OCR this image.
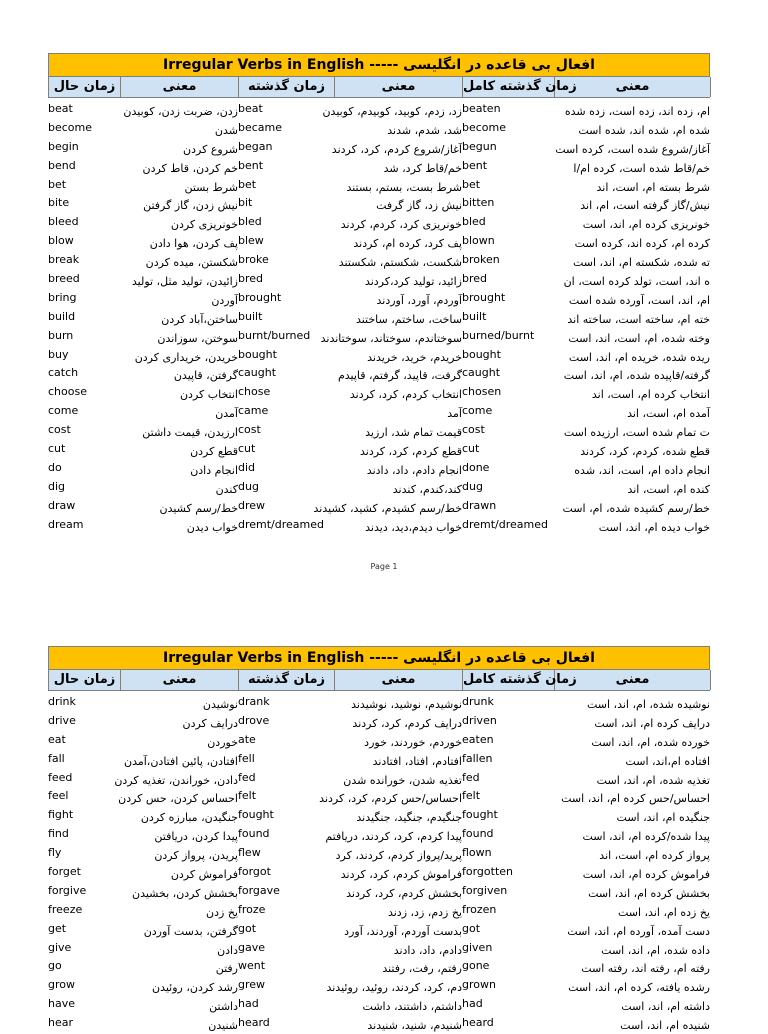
Irregular Verbs in English ----- افعال بی قاعده در انگلیسی
زمان حال	معنی	زمان گذشته	معنی	زمان گذشته کامل	معنی
beat	زدن، ضربت زدن، کوبیدن beat	زد، زدم، کوبید، کوبیدم، کوبیدن beaten	ام، زده اند، زده است، زده شده
become	شدن became	شد، شدم، شدند become	شده ام، شده اند، شده است
begin	شروع کردن began	آغاز/شروع کردم، کرد، کردند begun	آغاز/شروع شده است، کرده است
bend	خم کردن، قاط کردن bent	خم/قاط کرد، شد bent	خم/قاط شده است، کرده ام/ا
bet	شرط بستن bet	شرط بست، بستم، بستند bet	شرط بسته ام، است، اند
bite	نیش زدن، گاز گرفتن bit	نیش زد، گاز گرفت bitten	نیش/گاز گرفته است، ام، اند
bleed	خونریزی کردن bled	خونریزی کرد، کردم، کردند bled	خونریزی کرده ام، اند، است
blow	پف کردن، هوا دادن blew	پف کرد، کرده ام، کردند blown	کرده ام، کرده اند، کرده است
break	شکستن، میده کردن broke	شکست، شکستم، شکستند broken	ته شده، شکسته ام، اند، است
breed	زائیدن، تولید مثل، تولید bred	زائید، تولید کرد،کردند bred	ه اند، است، تولد کرده است، ان
bring	آوردن brought	آوردم، آورد، آوردند brought	ام، اند، است، آورده شده است
build	ساختن،آباد کردن built	ساخت، ساختم، ساختند built	خته ام، ساخته است، ساخته اند
burn	سوختن، سوزاندن burnt/burned سوختاندم، سوختاند، سوختاندند burned/burnt	وخته شده، ام، است، اند، است
buy	خریدن، خریداری کردن bought	خریدم، خرید، خریدند bought	ریده شده، خریده ام، اند، است
catch	گرفتن، قاپیدن caught	گرفت، قاپید، گرفتم، قاپیدم caught	گرفته/قاپیده شده، ام، اند، است
choose	انتخاب کردن chose	انتخاب کردم، کرد، کردند chosen	انتخاب کرده ام، است، اند
come	آمدن came	آمد come	آمده ام، است، اند
cost	ارزیدن، قیمت داشتن cost	قیمت تمام شد، ارزید cost	ت تمام شده است، ارزیده است
cut	قطع کردن cut	قطع کردم، کرد، کردند cut	قطع شده، کردم، کرد، کردند
do	انجام دادن did	انجام دادم، داد، دادند done	انجام داده ام، است، اند، شده
dig	کندن dug	کند،کندم، کندند dug	کنده ام، است، اند
draw	خط/رسم کشیدن drew	خط/رسم کشیدم، کشید، کشیدند drawn	خط/رسم کشیده شده، ام، است
dream	خواب دیدن dremt/dreamed	خواب دیدم،دید، دیدند dremt/dreamed	خواب دیده ام، اند، است
Page 1
Irregular Verbs in English ----- افعال بی قاعده در انگلیسی
زمان حال	معنی	زمان گذشته	معنی	زمان گذشته کامل	معنی
drink	نوشیدن drank	نوشیدم، نوشید، نوشیدند drunk	نوشیده شده، ام، اند، است
drive	درایف کردن drove	درایف کردم، کرد، کردند driven	درایف کرده ام، اند، است
eat	خوردن ate	خوردم، خوردند، خورد eaten	خورده شده، ام، اند، است
fall	افتادن، پائین افتادن،آمدن fell	افتادم، افتاد، افتادند fallen	افتاده ام،اند، است
feed	دادن، خوراندن، تغذیه کردن fed	تغذیه شدن، خورانده شدن fed	تغذیه شده، ام، اند، است
feel	احساس کردن، حس کردن felt	احساس/حس کردم، کرد، کردند felt	احساس/حس کرده ام، اند، است
fight	جنگیدن، مبارزه کردن fought	جنگیدم، جنگید، جنگیدند fought	جنگیده ام، اند، است
find	پیدا کردن، دریافتن found	پیدا کردم، کرد، کردند، دریافتم found	پیدا شده/کرده ام، اند، است
fly	پریدن، پرواز کردن flew	پرید/پرواز کردم، کردند، کرد flown	پرواز کرده ام، است، اند
forget	فراموش کردن forgot	فراموش کردم، کرد، کردند forgotten	فراموش کرده ام، اند، است
forgive	بخشش کردن، بخشیدن forgave	بخشش کردم، کرد، کردند forgiven	بخشش کرده ام، اند، است
freeze	یخ زدن froze	یخ زدم، زد، زدند frozen	یخ زده ام، اند، است
get	گرفتن، بدست آوردن got	بدست آوردم، آوردند، آورد got	دست آمده، آورده ام، اند، است
give	دادن gave	دادم، داد، دادند given	داده شده، ام، اند، است
go	رفتن went	رفتم، رفت، رفتند gone	رفته ام، رفته اند، رفته است
grow	رشد کردن، روئیدن grew	دم، کرد، کردند، روئید، روئیدند grown	رشده یافته، کرده ام، اند، است
have	داشتن had	داشتم، داشتند، داشت had	داشته ام، اند، است
hear	شنیدن heard	شنیدم، شنید، شنیدند heard	شنیده ام، اند، است
